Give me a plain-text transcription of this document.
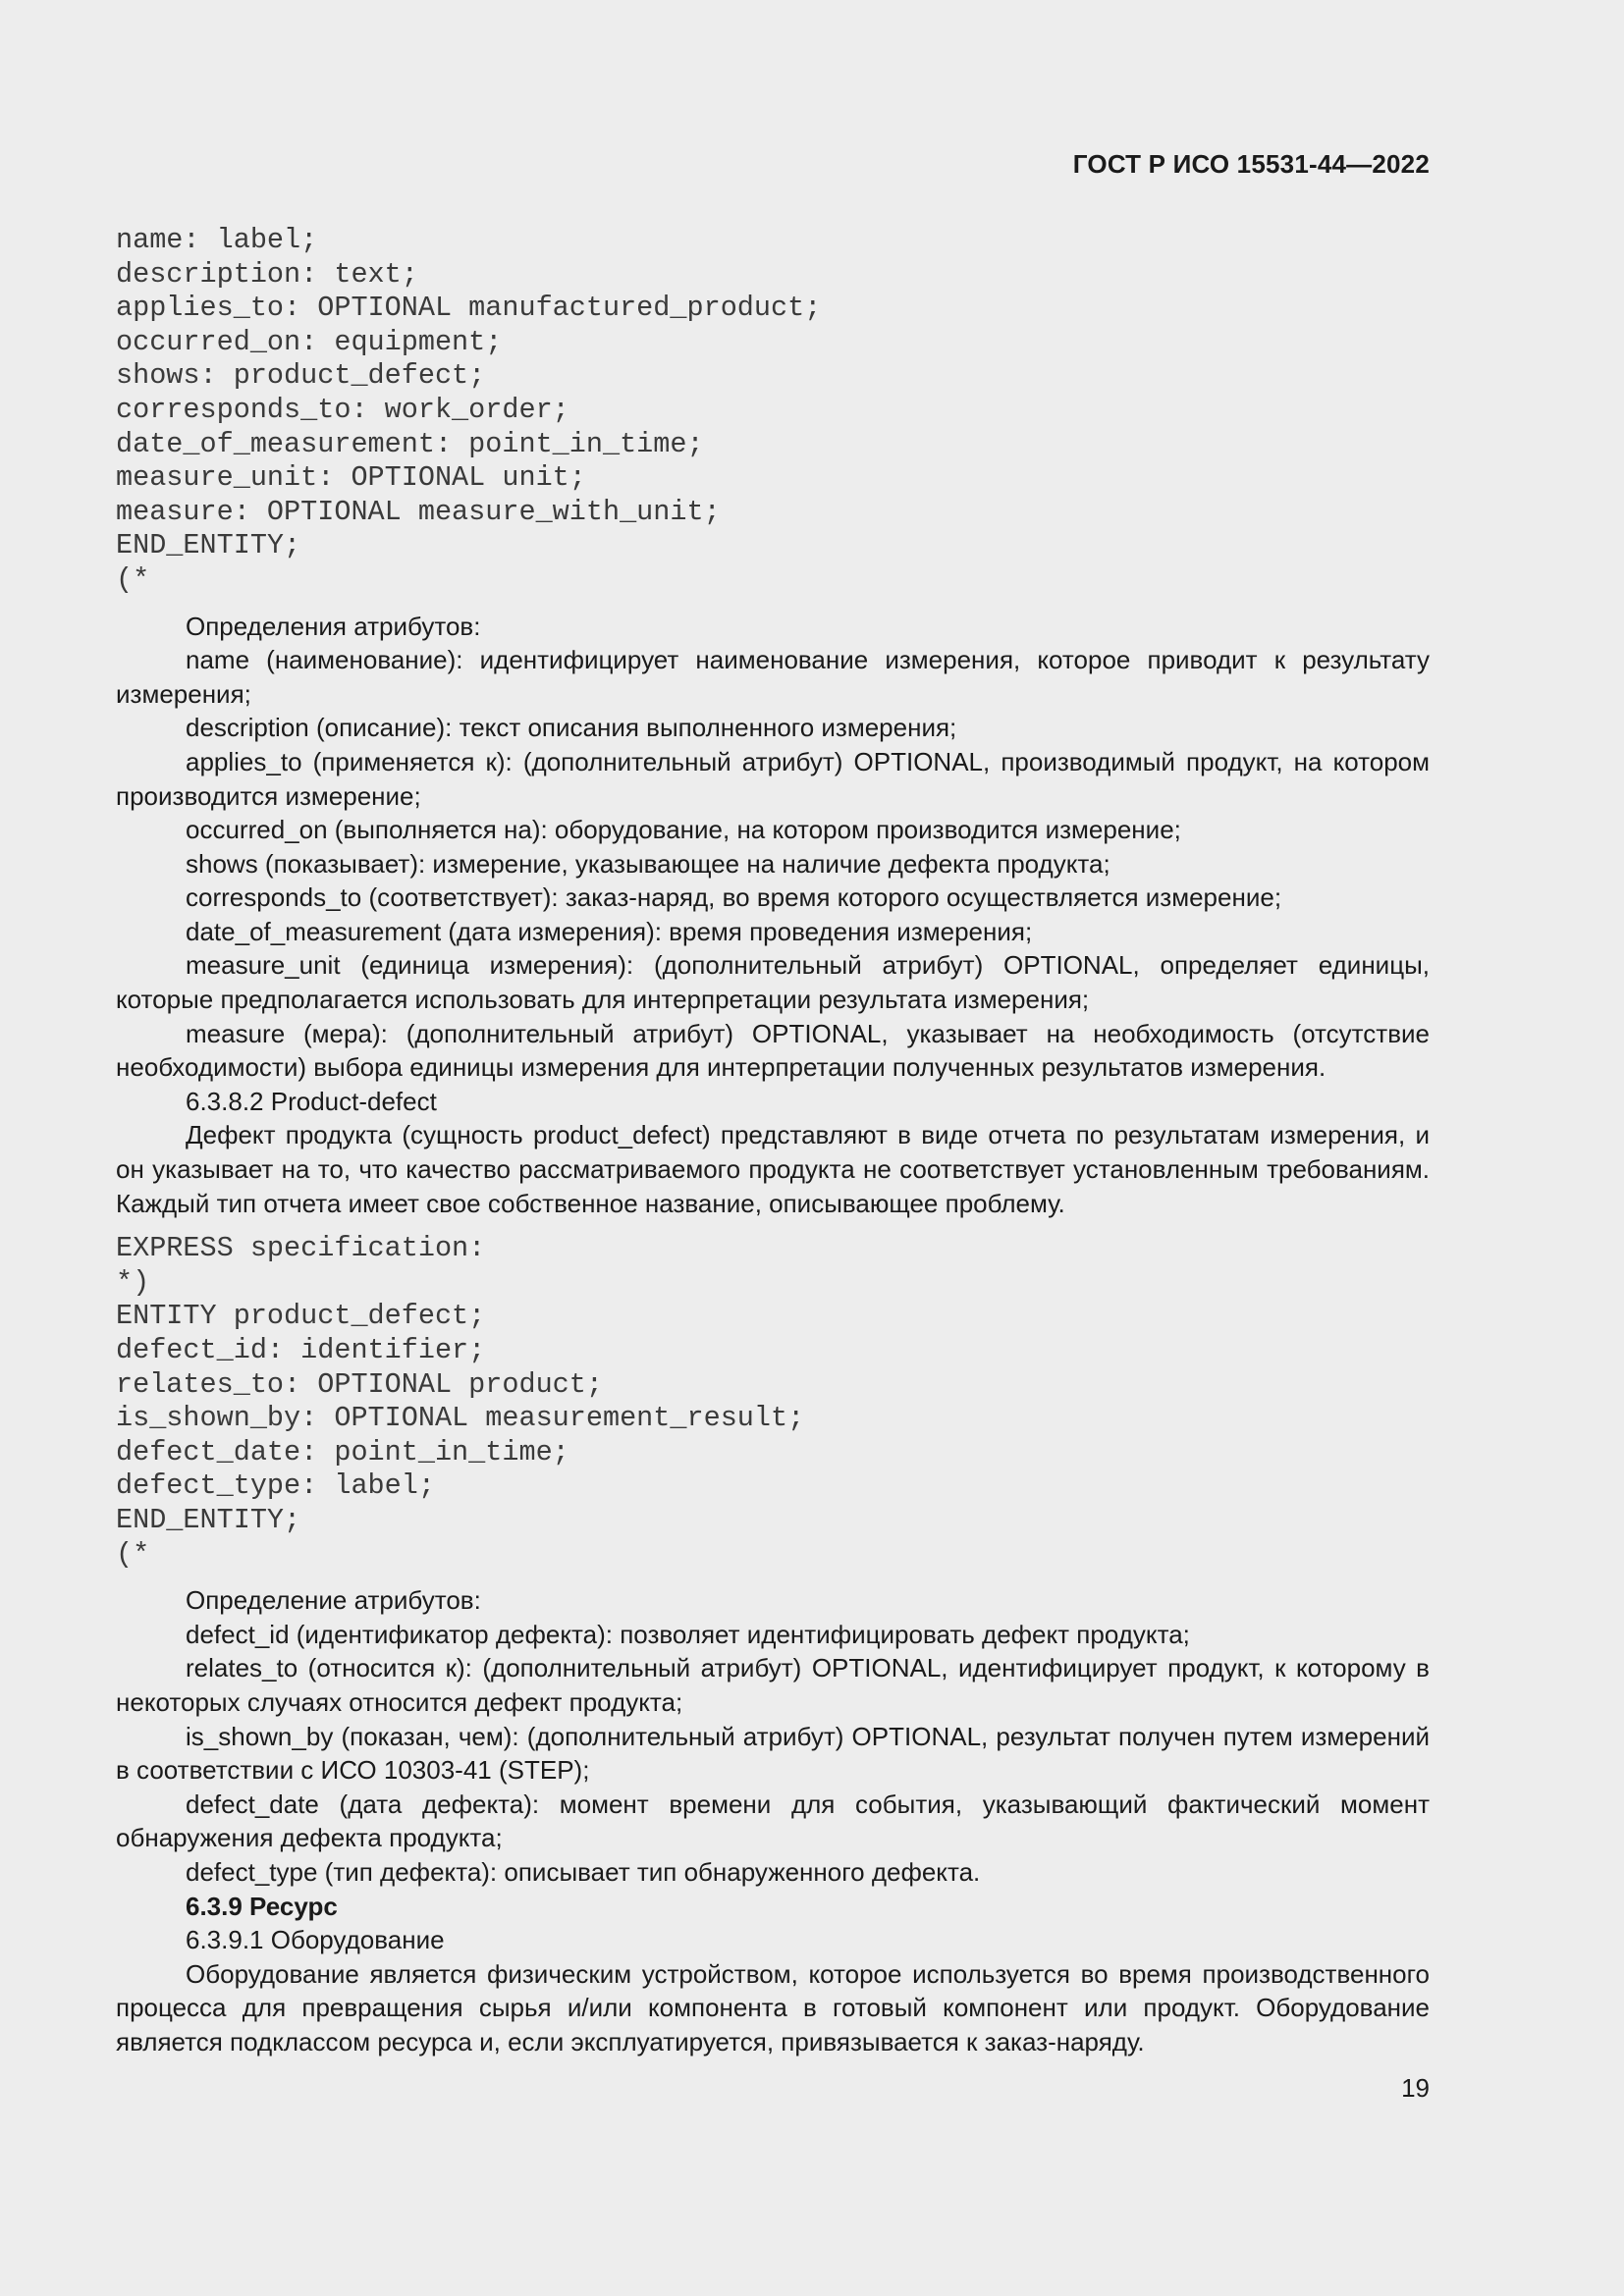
ГОСТ Р ИСО 15531-44—2022
name: label;
description: text;
applies_to: OPTIONAL manufactured_product;
occurred_on: equipment;
shows: product_defect;
corresponds_to: work_order;
date_of_measurement: point_in_time;
measure_unit: OPTIONAL unit;
measure: OPTIONAL measure_with_unit;
END_ENTITY;
(*

Определения атрибутов:

name (наименование): идентифицирует наименование измерения, которое приводит к результату измерения;

description (описание): текст описания выполненного измерения;

applies_to (применяется к): (дополнительный атрибут) OPTIONAL, производимый продукт, на котором производится измерение;

occurred_on (выполняется на): оборудование, на котором производится измерение;

shows (показывает): измерение, указывающее на наличие дефекта продукта;

corresponds_to (соответствует): заказ-наряд, во время которого осуществляется измерение;

date_of_measurement (дата измерения): время проведения измерения;

measure_unit (единица измерения): (дополнительный атрибут) OPTIONAL, определяет единицы, которые предполагается использовать для интерпретации результата измерения;

measure (мера): (дополнительный атрибут) OPTIONAL, указывает на необходимость (отсутствие необходимости) выбора единицы измерения для интерпретации полученных результатов измерения.

6.3.8.2 Product-defect

Дефект продукта (сущность product_defect) представляют в виде отчета по результатам измерения, и он указывает на то, что качество рассматриваемого продукта не соответствует установленным требованиям. Каждый тип отчета имеет свое собственное название, описывающее проблему.

EXPRESS specification:
*)
ENTITY product_defect;
defect_id: identifier;
relates_to: OPTIONAL product;
is_shown_by: OPTIONAL measurement_result;
defect_date: point_in_time;
defect_type: label;
END_ENTITY;
(*

Определение атрибутов:

defect_id (идентификатор дефекта): позволяет идентифицировать дефект продукта;

relates_to (относится к): (дополнительный атрибут) OPTIONAL, идентифицирует продукт, к которому в некоторых случаях относится дефект продукта;

is_shown_by (показан, чем): (дополнительный атрибут) OPTIONAL, результат получен путем измерений в соответствии с ИСО 10303-41 (STEP);

defect_date (дата дефекта): момент времени для события, указывающий фактический момент обнаружения дефекта продукта;

defect_type (тип дефекта): описывает тип обнаруженного дефекта.

6.3.9 Ресурс

6.3.9.1 Оборудование

Оборудование является физическим устройством, которое используется во время производственного процесса для превращения сырья и/или компонента в готовый компонент или продукт. Оборудование является подклассом ресурса и, если эксплуатируется, привязывается к заказ-наряду.

19
